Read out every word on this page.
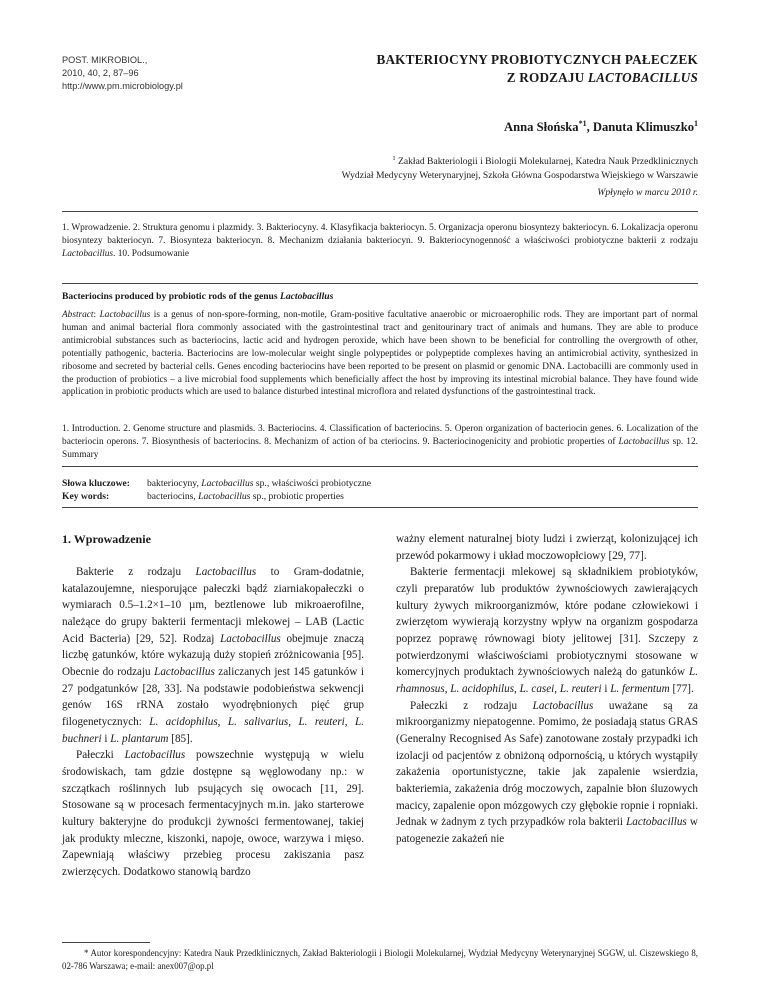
POST. MIKROBIOL.,
2010, 40, 2, 87–96
http://www.pm.microbiology.pl
BAKTERIOCYNY PROBIOTYCZNYCH PAŁECZEK
Z RODZAJU LACTOBACILLUS
Anna Słońska$^{*1}$, Danuta Klimuszko$^1$
$^1$ Zakład Bakteriologii i Biologii Molekularnej, Katedra Nauk Przedklinicznych
Wydział Medycyny Weterynaryjnej, Szkoła Główna Gospodarstwa Wiejskiego w Warszawie
Wpłynęło w marcu 2010 r.
1. Wprowadzenie. 2. Struktura genomu i plazmidy. 3. Bakteriocyny. 4. Klasyfikacja bakteriocyn. 5. Organizacja operonu biosyntezy bakteriocyn. 6. Lokalizacja operonu biosyntezy bakteriocyn. 7. Biosynteza bakteriocyn. 8. Mechanizm działania bakteriocyn. 9. Bakteriocynogenność a właściwości probiotyczne bakterii z rodzaju Lactobacillus. 10. Podsumowanie
Bacteriocins produced by probiotic rods of the genus Lactobacillus
Abstract: Lactobacillus is a genus of non-spore-forming, non-motile, Gram-positive facultative anaerobic or microaerophilic rods. They are important part of normal human and animal bacterial flora commonly associated with the gastrointestinal tract and genitourinary tract of animals and humans. They are able to produce antimicrobial substances such as bacteriocins, lactic acid and hydrogen peroxide, which have been shown to be beneficial for controlling the overgrowth of other, potentially pathogenic, bacteria. Bacteriocins are low-molecular weight single polypeptides or polypeptide complexes having an antimicrobial activity, synthesized in ribosome and secreted by bacterial cells. Genes encoding bacteriocins have been reported to be present on plasmid or genomic DNA. Lactobacilli are commonly used in the production of probiotics – a live microbial food supplements which beneficially affect the host by improving its intestinal microbial balance. They have found wide application in probiotic products which are used to balance disturbed intestinal microflora and related dysfunctions of the gastrointestinal track.
1. Introduction. 2. Genome structure and plasmids. 3. Bacteriocins. 4. Classification of bacteriocins. 5. Operon organization of bacteriocin genes. 6. Localization of the bacteriocin operons. 7. Biosynthesis of bacteriocins. 8. Mechanizm of action of ba cteriocins. 9. Bacteriocinogenicity and probiotic properties of Lactobacillus sp. 12. Summary
Słowa kluczowe:	bakteriocyny, Lactobacillus sp., właściwości probiotyczne
Key words:	bacteriocins, Lactobacillus sp., probiotic properties
1. Wprowadzenie

Bakterie z rodzaju Lactobacillus to Gram-dodatnie, katalazoujemne, niesporujące pałeczki bądź ziarniakopałeczki o wymiarach 0.5–1.2×1–10 µm, beztlenowe lub mikroaerofilne, należące do grupy bakterii fermentacji mlekowej – LAB (Lactic Acid Bacteria) [29, 52]. Rodzaj Lactobacillus obejmuje znaczą liczbę gatunków, które wykazują duży stopień zróżnicowania [95]. Obecnie do rodzaju Lactobacillus zaliczanych jest 145 gatunków i 27 podgatunków [28, 33]. Na podstawie podobieństwa sekwencji genów 16S rRNA zostało wyodrębnionych pięć grup filogenetycznych: L. acidophilus, L. salivarius, L. reuteri, L. buchneri i L. plantarum [85].

Pałeczki Lactobacillus powszechnie występują w wielu środowiskach, tam gdzie dostępne są węglowodany np.: w szczątkach roślinnych lub psujących się owocach [11, 29]. Stosowane są w procesach fermentacyjnych m.in. jako starterowe kultury bakteryjne do produkcji żywności fermentowanej, takiej jak produkty mleczne, kiszonki, napoje, owoce, warzywa i mięso. Zapewniają właściwy przebieg procesu zakiszania pasz zwierzęcych. Dodatkowo stanowią bardzo

ważny element naturalnej bioty ludzi i zwierząt, kolonizującej ich przewód pokarmowy i układ moczowopłciowy [29, 77].

Bakterie fermentacji mlekowej są składnikiem probiotyków, czyli preparatów lub produktów żywnościowych zawierających kultury żywych mikroorganizmów, które podane człowiekowi i zwierzętom wywierają korzystny wpływ na organizm gospodarza poprzez poprawę równowagi bioty jelitowej [31]. Szczepy z potwierdzonymi właściwościami probiotycznymi stosowane w komercyjnych produktach żywnościowych należą do gatunków L. rhamnosus, L. acidophilus, L. casei, L. reuteri i L. fermentum [77].

Pałeczki z rodzaju Lactobacillus uważane są za mikroorganizmy niepatogenne. Pomimo, że posiadają status GRAS (Generalny Recognised As Safe) zanotowane zostały przypadki ich izolacji od pacjentów z obniżoną odpornością, u których wystąpiły zakażenia oportunistyczne, takie jak zapalenie wsierdzia, bakteriemia, zakażenia dróg moczowych, zapalnie błon śluzowych macicy, zapalenie opon mózgowych czy głębokie ropnie i ropniaki. Jednak w żadnym z tych przypadków rola bakterii Lactobacillus w patogenezie zakażeń nie

* Autor korespondencyjny: Katedra Nauk Przedklinicznych, Zakład Bakteriologii i Biologii Molekularnej, Wydział Medycyny Weterynaryjnej SGGW, ul. Ciszewskiego 8, 02-786 Warszawa; e-mail: anex007@op.pl
